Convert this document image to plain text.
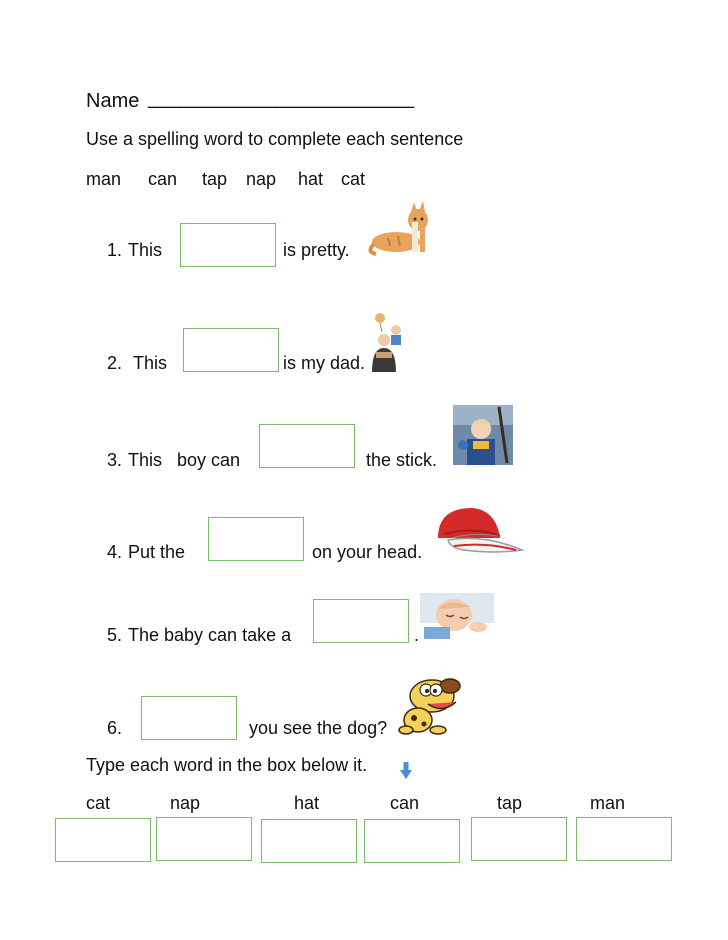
Name _________________________
Use a spelling word to complete each sentence
man can tap nap hat cat
1. This	is pretty.
2. This	is my dad.
3. This   boy can	the stick.
4. Put the	on your head.
5. The baby can take a	.
6.	you see the dog?
Type each word in the box below it.
cat	nap	hat	can	tap	man
